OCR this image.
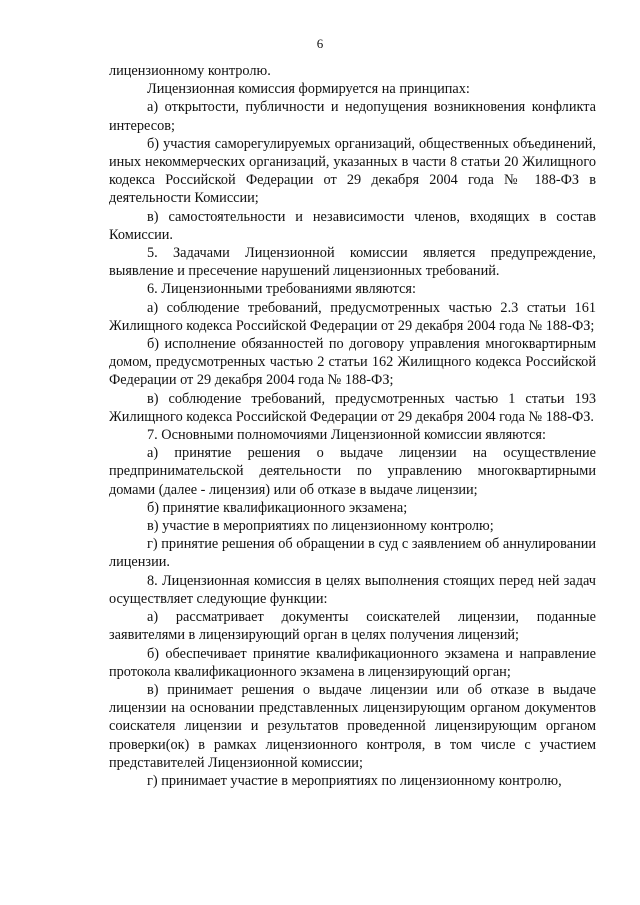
6

лицензионному контролю.

Лицензионная комиссия формируется на принципах:

а) открытости, публичности и недопущения возникновения конфликта интересов;

б) участия саморегулируемых организаций, общественных объединений, иных некоммерческих организаций, указанных в части 8 статьи 20 Жилищного кодекса Российской Федерации от 29 декабря 2004 года № 188-ФЗ в деятельности Комиссии;

в) самостоятельности и независимости членов, входящих в состав Комиссии.

5. Задачами Лицензионной комиссии является предупреждение, выявление и пресечение нарушений лицензионных требований.

6. Лицензионными требованиями являются:

а) соблюдение требований, предусмотренных частью 2.3 статьи 161 Жилищного кодекса Российской Федерации от 29 декабря 2004 года № 188-ФЗ;

б) исполнение обязанностей по договору управления многоквартирным домом, предусмотренных частью 2 статьи 162 Жилищного кодекса Российской Федерации от 29 декабря 2004 года № 188-ФЗ;

в) соблюдение требований, предусмотренных частью 1 статьи 193 Жилищного кодекса Российской Федерации от 29 декабря 2004 года № 188-ФЗ.

7. Основными полномочиями Лицензионной комиссии являются:

а) принятие решения о выдаче лицензии на осуществление предпринимательской деятельности по управлению многоквартирными домами (далее - лицензия) или об отказе в выдаче лицензии;

б) принятие квалификационного экзамена;

в) участие в мероприятиях по лицензионному контролю;

г) принятие решения об обращении в суд с заявлением об аннулировании лицензии.

8. Лицензионная комиссия в целях выполнения стоящих перед ней задач осуществляет следующие функции:

а) рассматривает документы соискателей лицензии, поданные заявителями в лицензирующий орган в целях получения лицензий;

б) обеспечивает принятие квалификационного экзамена и направление протокола квалификационного экзамена в лицензирующий орган;

в) принимает решения о выдаче лицензии или об отказе в выдаче лицензии на основании представленных лицензирующим органом документов соискателя лицензии и результатов проведенной лицензирующим органом проверки(ок) в рамках лицензионного контроля, в том числе с участием представителей Лицензионной комиссии;

г) принимает участие в мероприятиях по лицензионному контролю,
